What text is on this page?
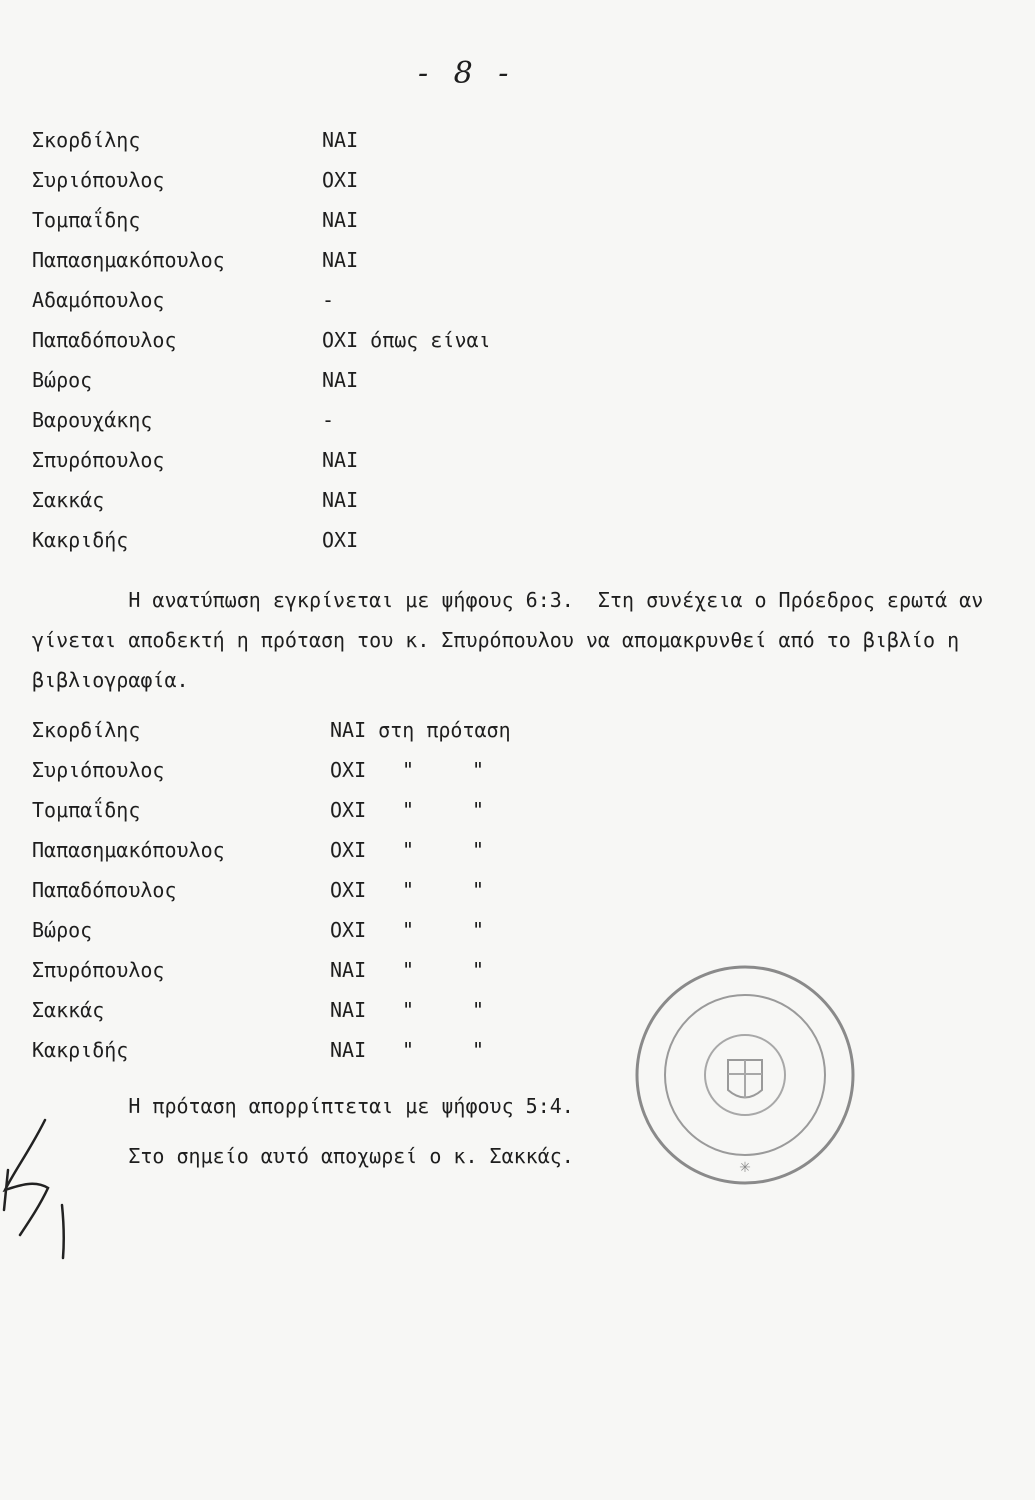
- 8 -
Σκορδίλης	ΝΑΙ
Συριόπουλος	ΟΧΙ
Τομπαΐδης	ΝΑΙ
Παπασημακόπουλος	ΝΑΙ
Αδαμόπουλος	-
Παπαδόπουλος	ΟΧΙ όπως είναι
Βώρος	ΝΑΙ
Βαρουχάκης	-
Σπυρόπουλος	ΝΑΙ
Σακκάς	ΝΑΙ
Κακριδής	ΟΧΙ
Η ανατύπωση εγκρίνεται με ψήφους 6:3.  Στη συνέχεια ο Πρόεδρος ερωτά αν γίνεται αποδεκτή η πρόταση του κ. Σπυρόπουλου να απομακρυνθεί από το βιβλίο η βιβλιογραφία.
Σκορδίλης	ΝΑΙ στη πρόταση
Συριόπουλος	ΟΧΙ "	"
Τομπαΐδης	ΟΧΙ "	"
Παπασημακόπουλος	ΟΧΙ "	"
Παπαδόπουλος	ΟΧΙ "	"
Βώρος	ΟΧΙ "	"
Σπυρόπουλος	ΝΑΙ "	"
Σακκάς	ΝΑΙ "	"
Κακριδής	ΝΑΙ "	"
Η πρόταση απορρίπτεται με ψήφους 5:4.
Στο σημείο αυτό αποχωρεί ο κ. Σακκάς.	✳
